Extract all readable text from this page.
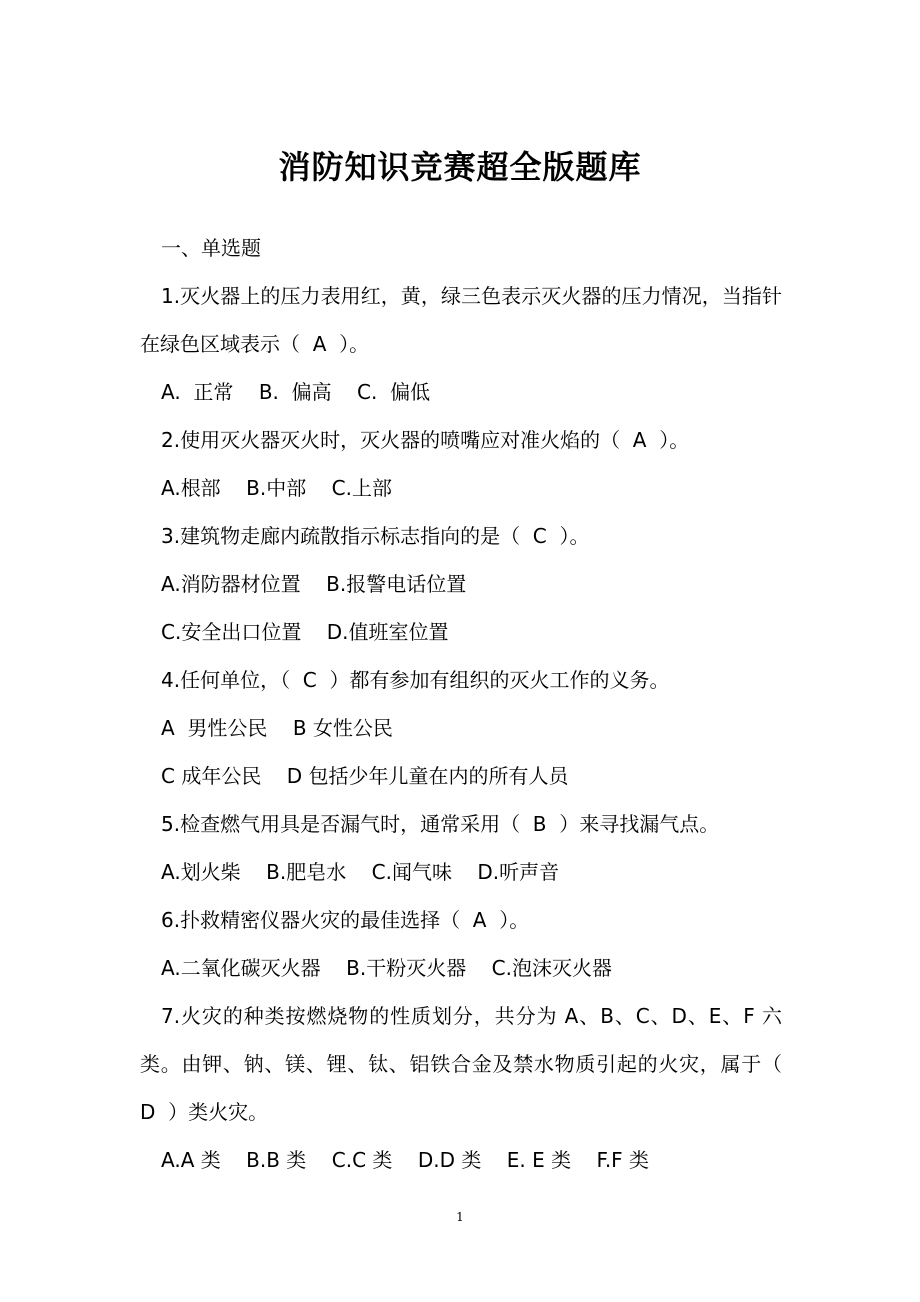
消防知识竞赛超全版题库

一、单选题

1.灭火器上的压力表用红，黄，绿三色表示灭火器的压力情况，当指针在绿色区域表示（  A  ）。

A.  正常    B.  偏高    C.  偏低

2.使用灭火器灭火时，灭火器的喷嘴应对准火焰的（  A  ）。

A.根部    B.中部    C.上部

3.建筑物走廊内疏散指示标志指向的是（  C  ）。

A.消防器材位置    B.报警电话位置

C.安全出口位置    D.值班室位置

4.任何单位，（  C  ）都有参加有组织的灭火工作的义务。

A  男性公民    B 女性公民

C 成年公民    D 包括少年儿童在内的所有人员

5.检查燃气用具是否漏气时，通常采用（  B  ）来寻找漏气点。

A.划火柴    B.肥皂水    C.闻气味    D.听声音

6.扑救精密仪器火灾的最佳选择（  A  ）。

A.二氧化碳灭火器    B.干粉灭火器    C.泡沫灭火器

7.火灾的种类按燃烧物的性质划分，共分为 A、B、C、D、E、F 六类。由钾、钠、镁、锂、钛、铝铁合金及禁水物质引起的火灾，属于（  D  ）类火灾。

A.A 类    B.B 类    C.C 类    D.D 类    E. E 类    F.F 类

1
